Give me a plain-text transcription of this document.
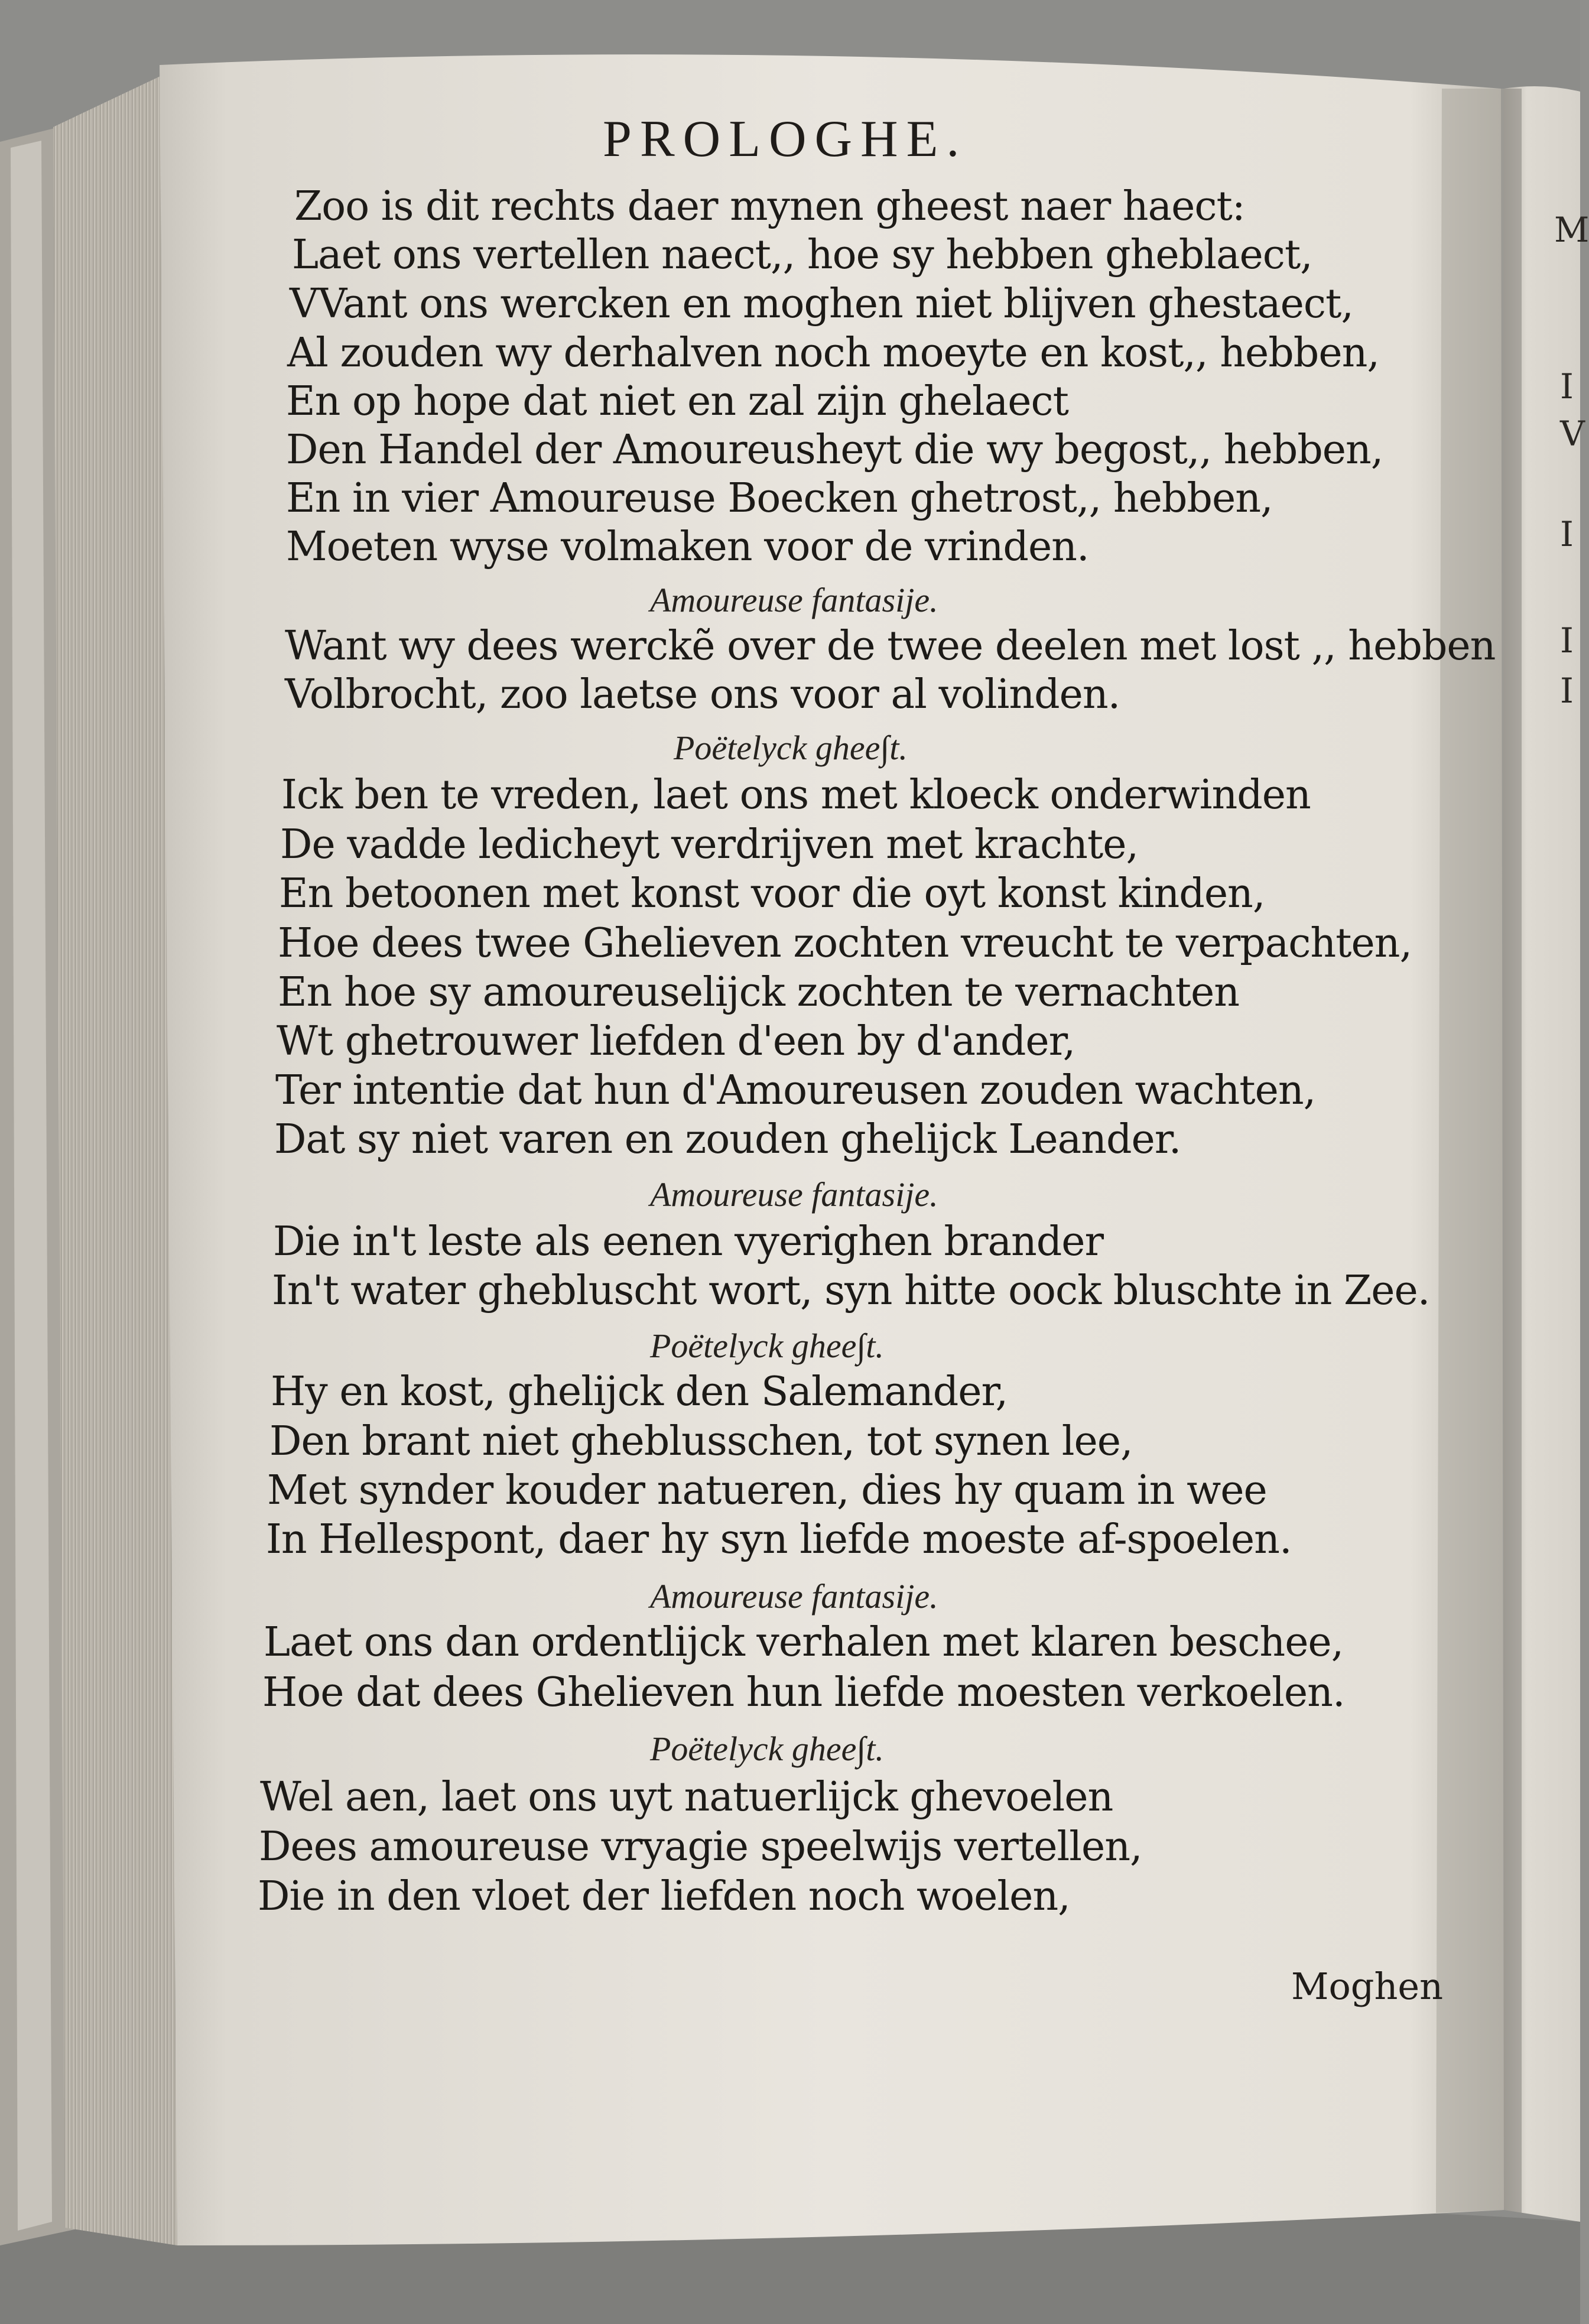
PROLOGHE.
Zoo is dit rechts daer mynen gheest naer haect:
Laet ons vertellen naect,, hoe sy hebben gheblaect,
VVant ons wercken en moghen niet blijven ghestaect,
Al zouden wy derhalven noch moeyte en kost,, hebben,
En op hope dat niet en zal zijn ghelaect
Den Handel der Amoureusheyt die wy begost,, hebben,
En in vier Amoureuse Boecken ghetrost,, hebben,
Moeten wyse volmaken voor de vrinden.
Amoureuse fantasije.
Want wy dees werckẽ over de twee deelen met lost ,, hebben
Volbrocht, zoo laetse ons voor al volinden.
Poëtelyck ghee∫t.
Ick ben te vreden, laet ons met kloeck onderwinden
De vadde ledicheyt verdrijven met krachte,
En betoonen met konst voor die oyt konst kinden,
Hoe dees twee Ghelieven zochten vreucht te verpachten,
En hoe sy amoureuselijck zochten te vernachten
Wt ghetrouwer liefden d'een by d'ander,
Ter intentie dat hun d'Amoureusen zouden wachten,
Dat sy niet varen en zouden ghelijck Leander.
Amoureuse fantasije.
Die in't leste als eenen vyerighen brander
In't water ghebluscht wort, syn hitte oock bluschte in Zee.
Poëtelyck ghee∫t.
Hy en kost, ghelijck den Salemander,
Den brant niet gheblusschen, tot synen lee,
Met synder kouder natueren, dies hy quam in wee
In Hellespont, daer hy syn liefde moeste af-spoelen.
Amoureuse fantasije.
Laet ons dan ordentlijck verhalen met klaren beschee,
Hoe dat dees Ghelieven hun liefde moesten verkoelen.
Poëtelyck ghee∫t.
Wel aen, laet ons uyt natuerlijck ghevoelen
Dees amoureuse vryagie speelwijs vertellen,
Die in den vloet der liefden noch woelen,
Moghen
M
I
V
I
I
I
